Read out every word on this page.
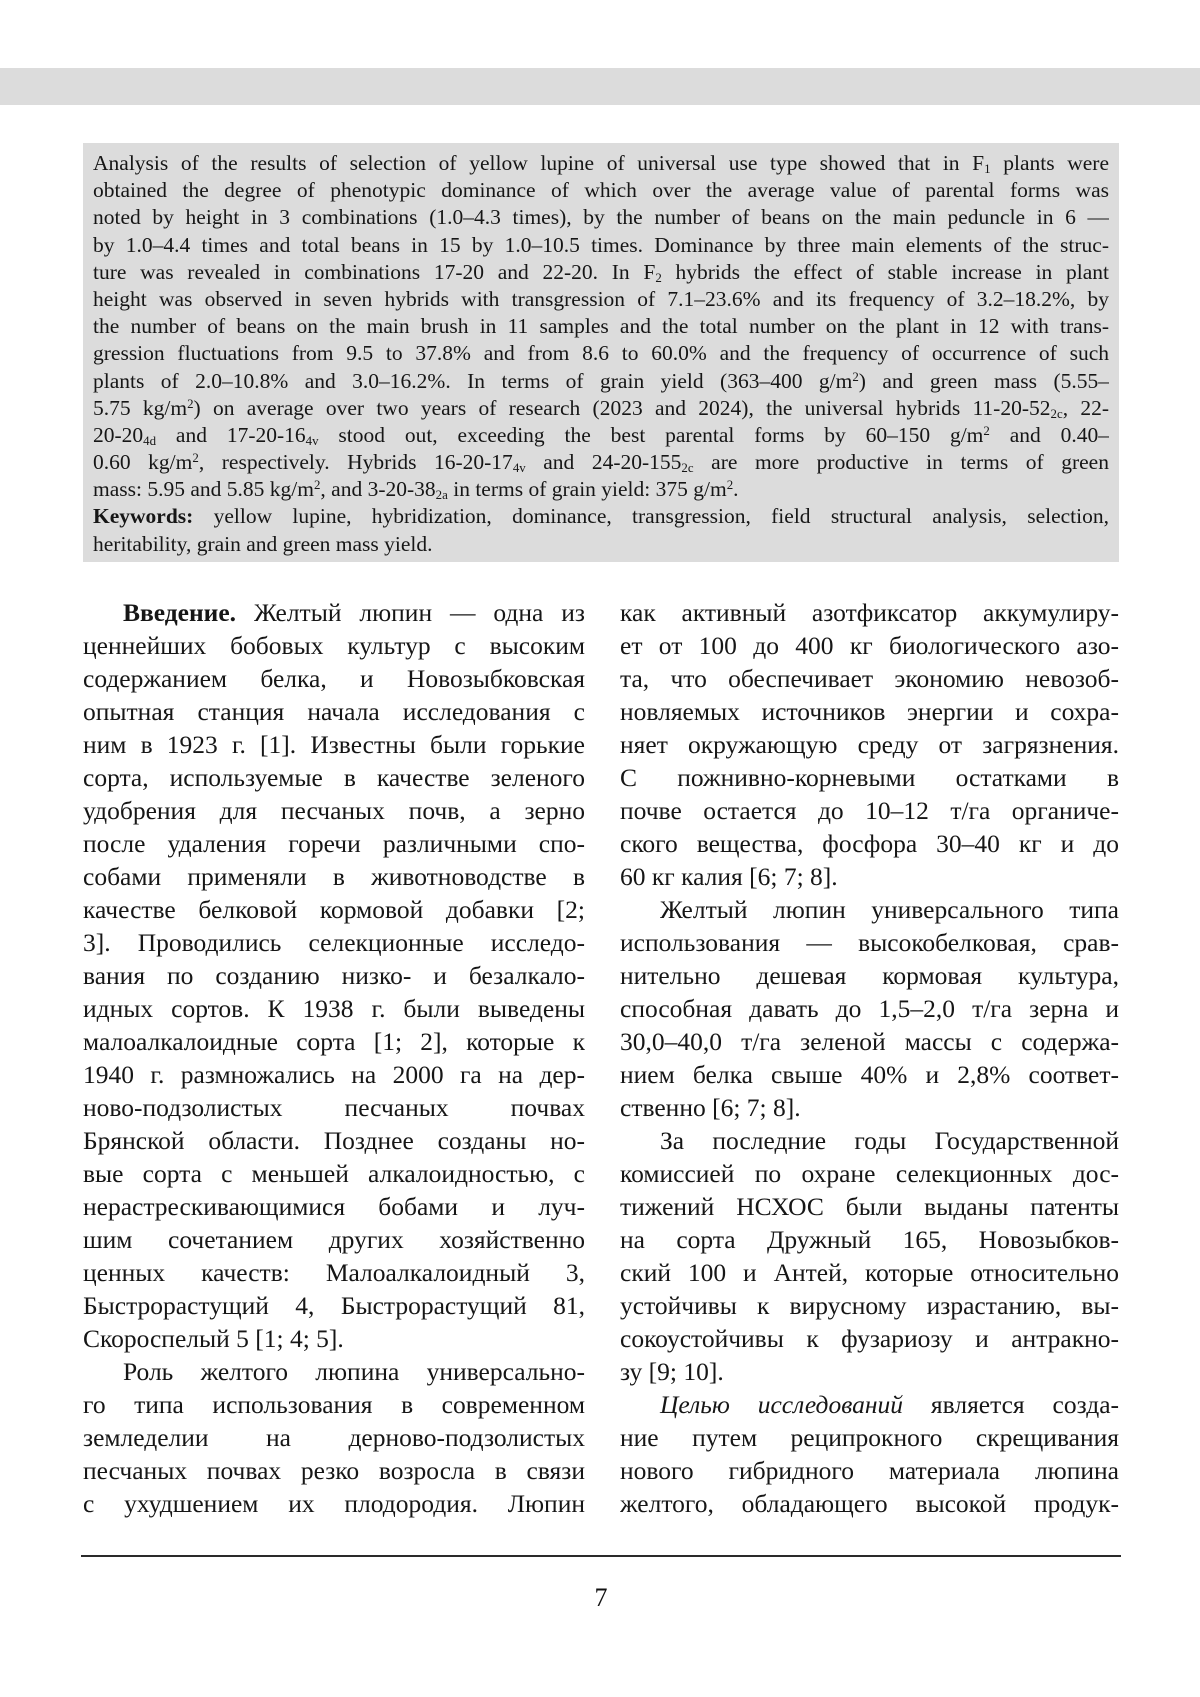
Analysis of the results of selection of yellow lupine of universal use type showed that in $F_1$ plants were
obtained the degree of phenotypic dominance of which over the average value of parental forms was
noted by height in 3 combinations (1.0–4.3 times), by the number of beans on the main peduncle in 6 —
by 1.0–4.4 times and total beans in 15 by 1.0–10.5 times. Dominance by three main elements of the struc-
ture was revealed in combinations 17-20 and 22-20. In $F_2$ hybrids the effect of stable increase in plant
height was observed in seven hybrids with transgression of 7.1–23.6% and its frequency of 3.2–18.2%, by
the number of beans on the main brush in 11 samples and the total number on the plant in 12 with trans-
gression fluctuations from 9.5 to 37.8% and from 8.6 to 60.0% and the frequency of occurrence of such
plants of 2.0–10.8% and 3.0–16.2%. In terms of grain yield (363–400 $g/m^2$) and green mass (5.55–
5.75 $kg/m^2$) on average over two years of research (2023 and 2024), the universal hybrids $11-20-52_{2c}$, 22-
$20-20_{4d}$ and $17-20-16_{4v}$ stood out, exceeding the best parental forms by 60–150 $g/m^2$ and 0.40–
0.60 $kg/m^2$, respectively. Hybrids $16-20-17_{4v}$ and $24-20-155_{2c}$ are more productive in terms of green
mass: 5.95 and 5.85 $kg/m^2$, and $3-20-38_{2a}$ in terms of grain yield: 375 $g/m^2$.
Keywords: yellow lupine, hybridization, dominance, transgression, field structural analysis, selection,
heritability, grain and green mass yield.
Введение. Желтый люпин — одна из
ценнейших бобовых культур с высоким
содержанием белка, и Новозыбковская
опытная станция начала исследования с
ним в 1923 г. [1]. Известны были горькие
сорта, используемые в качестве зеленого
удобрения для песчаных почв, а зерно
после удаления горечи различными спо-
собами применяли в животноводстве в
качестве белковой кормовой добавки [2;
3]. Проводились селекционные исследо-
вания по созданию низко- и безалкало-
идных сортов. К 1938 г. были выведены
малоалкалоидные сорта [1; 2], которые к
1940 г. размножались на 2000 га на дер-
ново-подзолистых песчаных почвах
Брянской области. Позднее созданы но-
вые сорта с меньшей алкалоидностью, с
нерастрескивающимися бобами и луч-
шим сочетанием других хозяйственно
ценных качеств: Малоалкалоидный 3,
Быстрорастущий 4, Быстрорастущий 81,
Скороспелый 5 [1; 4; 5].
Роль желтого люпина универсально-
го типа использования в современном
земледелии на дерново-подзолистых
песчаных почвах резко возросла в связи
с ухудшением их плодородия. Люпин
как активный азотфиксатор аккумулиру-
ет от 100 до 400 кг биологического азо-
та, что обеспечивает экономию невозоб-
новляемых источников энергии и сохра-
няет окружающую среду от загрязнения.
С пожнивно-корневыми остатками в
почве остается до 10–12 т/га органиче-
ского вещества, фосфора 30–40 кг и до
60 кг калия [6; 7; 8].
Желтый люпин универсального типа
использования — высокобелковая, срав-
нительно дешевая кормовая культура,
способная давать до 1,5–2,0 т/га зерна и
30,0–40,0 т/га зеленой массы с содержа-
нием белка свыше 40% и 2,8% соответ-
ственно [6; 7; 8].
За последние годы Государственной
комиссией по охране селекционных дос-
тижений НСХОС были выданы патенты
на сорта Дружный 165, Новозыбков-
ский 100 и Антей, которые относительно
устойчивы к вирусному израстанию, вы-
сокоустойчивы к фузариозу и антракно-
зу [9; 10].
Целью исследований является созда-
ние путем реципрокного скрещивания
нового гибридного материала люпина
желтого, обладающего высокой продук-
7
